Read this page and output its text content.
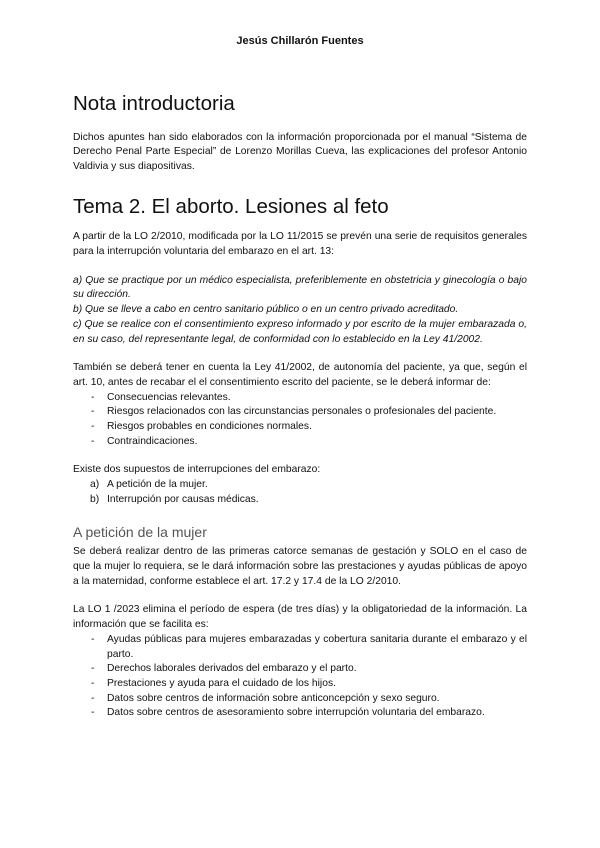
Jesús Chillarón Fuentes
Nota introductoria

Dichos apuntes han sido elaborados con la información proporcionada por el manual “Sistema de Derecho Penal Parte Especial” de Lorenzo Morillas Cueva, las explicaciones del profesor Antonio Valdivia y sus diapositivas.

Tema 2. El aborto. Lesiones al feto

A partir de la LO 2/2010, modificada por la LO 11/2015 se prevén una serie de requisitos generales para la interrupción voluntaria del embarazo en el art. 13:

a) Que se practique por un médico especialista, preferiblemente en obstetricia y ginecología o bajo su dirección.

b) Que se lleve a cabo en centro sanitario público o en un centro privado acreditado.

c) Que se realice con el consentimiento expreso informado y por escrito de la mujer embarazada o, en su caso, del representante legal, de conformidad con lo establecido en la Ley 41/2002.

También se deberá tener en cuenta la Ley 41/2002, de autonomía del paciente, ya que, según el art. 10, antes de recabar el el consentimiento escrito del paciente, se le deberá informar de:

- Consecuencias relevantes.
- Riesgos relacionados con las circunstancias personales o profesionales del paciente.
- Riesgos probables en condiciones normales.
- Contraindicaciones.

Existe dos supuestos de interrupciones del embarazo:

a) A petición de la mujer.
b) Interrupción por causas médicas.
A petición de la mujer

Se deberá realizar dentro de las primeras catorce semanas de gestación y SOLO en el caso de que la mujer lo requiera, se le dará información sobre las prestaciones y ayudas públicas de apoyo a la maternidad, conforme establece el art. 17.2 y 17.4 de la LO 2/2010.

La LO 1 /2023 elimina el período de espera (de tres días) y la obligatoriedad de la información. La información que se facilita es:

- Ayudas públicas para mujeres embarazadas y cobertura sanitaria durante el embarazo y el parto.
- Derechos laborales derivados del embarazo y el parto.
- Prestaciones y ayuda para el cuidado de los hijos.
- Datos sobre centros de información sobre anticoncepción y sexo seguro.
- Datos sobre centros de asesoramiento sobre interrupción voluntaria del embarazo.
